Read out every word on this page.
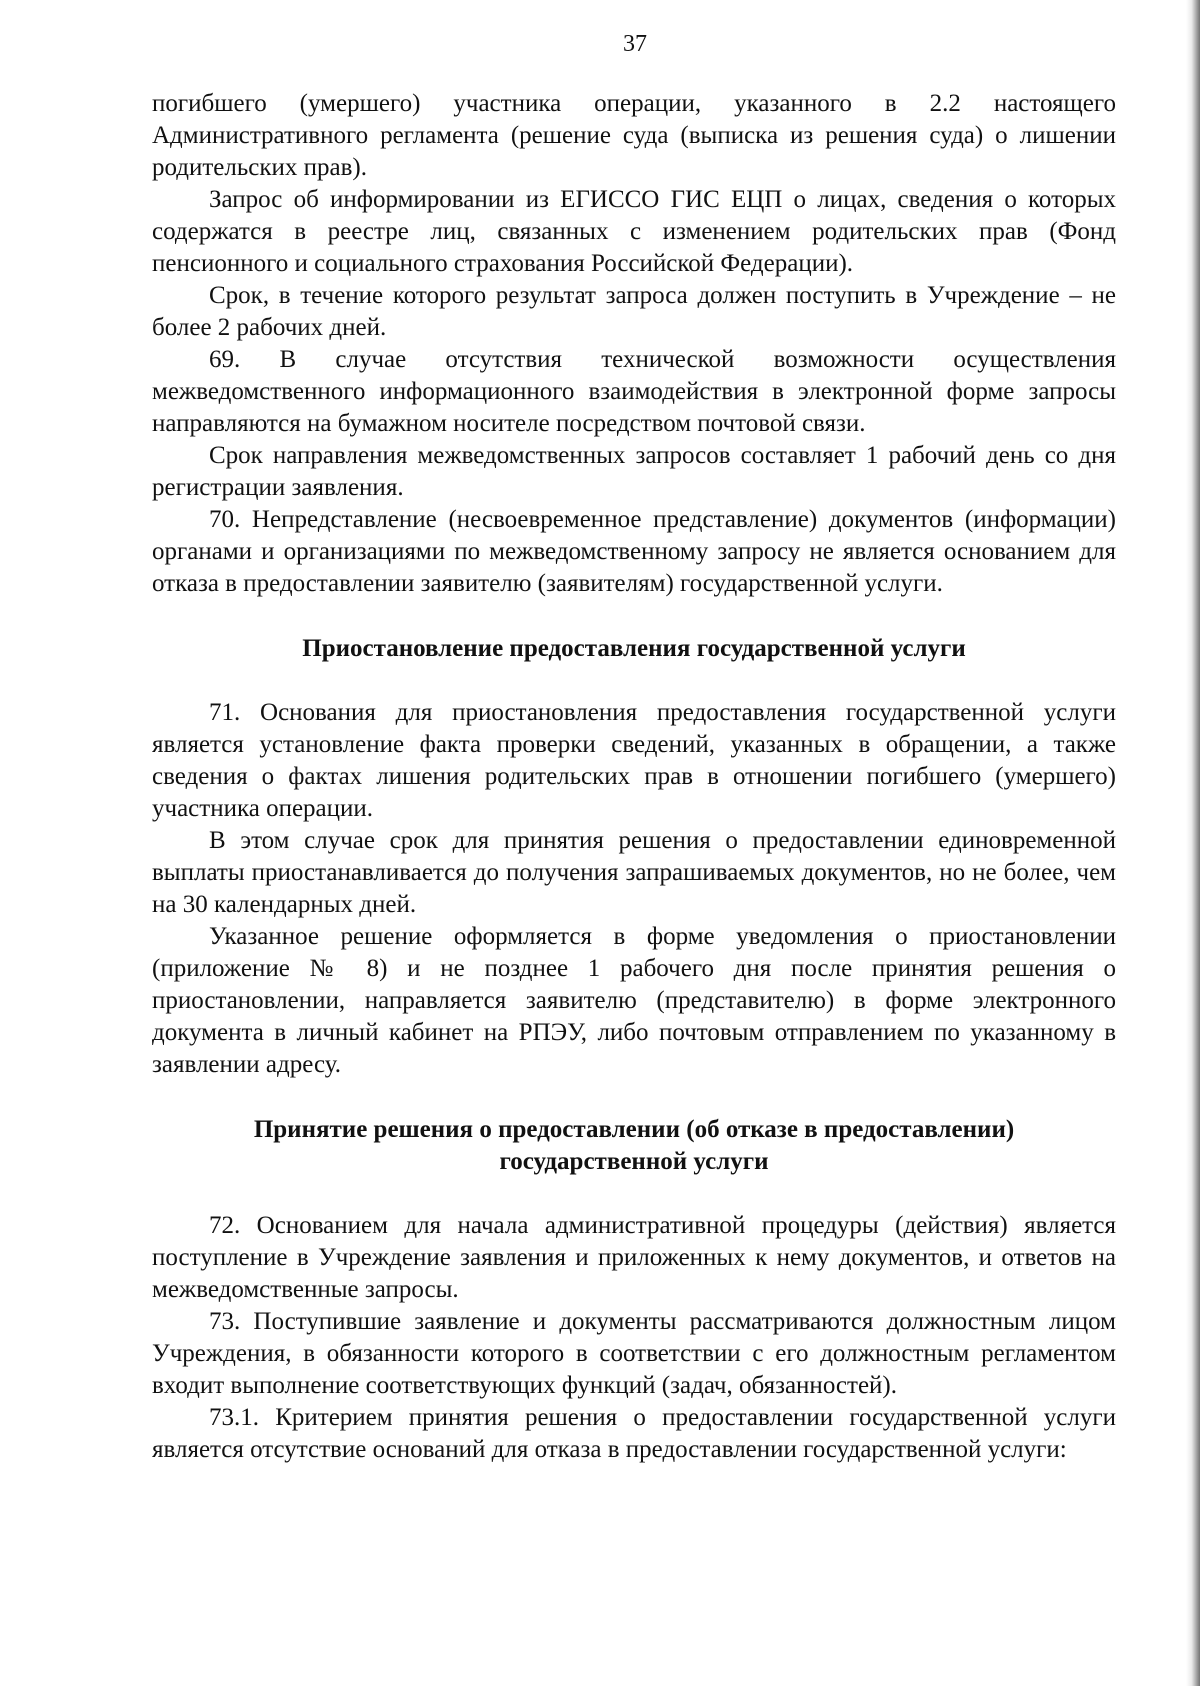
37

погибшего (умершего) участника операции, указанного в 2.2 настоящего Административного регламента (решение суда (выписка из решения суда) о лишении родительских прав).

Запрос об информировании из ЕГИССО ГИС ЕЦП о лицах, сведения о которых содержатся в реестре лиц, связанных с изменением родительских прав (Фонд пенсионного и социального страхования Российской Федерации).

Срок, в течение которого результат запроса должен поступить в Учреждение – не более 2 рабочих дней.

69. В случае отсутствия технической возможности осуществления межведомственного информационного взаимодействия в электронной форме запросы направляются на бумажном носителе посредством почтовой связи.

Срок направления межведомственных запросов составляет 1 рабочий день со дня регистрации заявления.

70. Непредставление (несвоевременное представление) документов (информации) органами и организациями по межведомственному запросу не является основанием для отказа в предоставлении заявителю (заявителям) государственной услуги.

Приостановление предоставления государственной услуги

71. Основания для приостановления предоставления государственной услуги является установление факта проверки сведений, указанных в обращении, а также сведения о фактах лишения родительских прав в отношении погибшего (умершего) участника операции.

В этом случае срок для принятия решения о предоставлении единовременной выплаты приостанавливается до получения запрашиваемых документов, но не более, чем на 30 календарных дней.

Указанное решение оформляется в форме уведомления о приостановлении (приложение № 8) и не позднее 1 рабочего дня после принятия решения о приостановлении, направляется заявителю (представителю) в форме электронного документа в личный кабинет на РПЭУ, либо почтовым отправлением по указанному в заявлении адресу.

Принятие решения о предоставлении (об отказе в предоставлении)
государственной услуги

72. Основанием для начала административной процедуры (действия) является поступление в Учреждение заявления и приложенных к нему документов, и ответов на межведомственные запросы.

73. Поступившие заявление и документы рассматриваются должностным лицом Учреждения, в обязанности которого в соответствии с его должностным регламентом входит выполнение соответствующих функций (задач, обязанностей).

73.1. Критерием принятия решения о предоставлении государственной услуги является отсутствие оснований для отказа в предоставлении государственной услуги:
